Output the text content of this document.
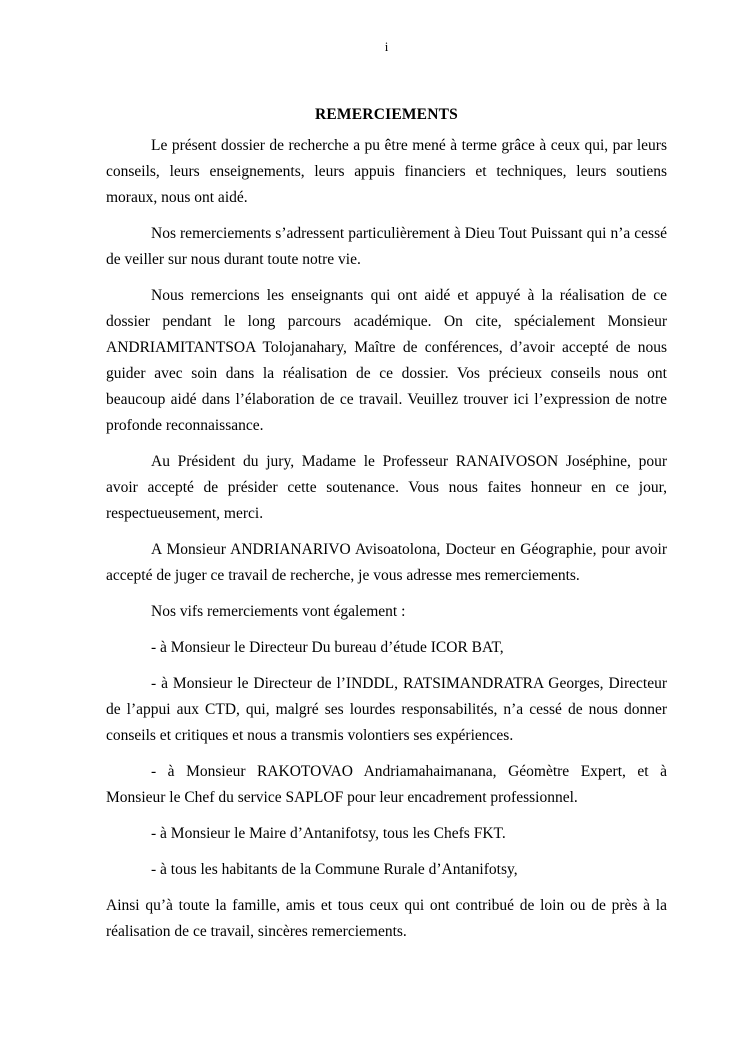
i
REMERCIEMENTS

Le présent dossier de recherche a pu être mené à terme grâce à ceux qui, par leurs conseils, leurs enseignements, leurs appuis financiers et techniques, leurs soutiens moraux, nous ont aidé.

Nos remerciements s’adressent particulièrement à Dieu Tout Puissant qui n’a cessé de veiller sur nous durant toute notre vie.

Nous remercions les enseignants qui ont aidé et appuyé à la réalisation de ce dossier pendant le long parcours académique. On cite, spécialement Monsieur ANDRIAMITANTSOA Tolojanahary, Maître de conférences, d’avoir accepté de nous guider avec soin dans la réalisation de ce dossier. Vos précieux conseils nous ont beaucoup aidé dans l’élaboration de ce travail. Veuillez trouver ici l’expression de notre profonde reconnaissance.

Au Président du jury, Madame le Professeur RANAIVOSON Joséphine, pour avoir accepté de présider cette soutenance. Vous nous faites honneur en ce jour, respectueusement, merci.

A Monsieur ANDRIANARIVO Avisoatolona, Docteur en Géographie, pour avoir accepté de juger ce travail de recherche, je vous adresse mes remerciements.

Nos vifs remerciements vont également :

- à Monsieur le Directeur Du bureau d’étude ICOR BAT,

- à Monsieur le Directeur de l’INDDL, RATSIMANDRATRA Georges, Directeur de l’appui aux CTD, qui, malgré ses lourdes responsabilités, n’a cessé de nous donner conseils et critiques et nous a transmis volontiers ses expériences.

- à Monsieur RAKOTOVAO Andriamahaimanana, Géomètre Expert, et à Monsieur le Chef du service SAPLOF pour leur encadrement professionnel.

- à Monsieur le Maire d’Antanifotsy, tous les Chefs FKT.

- à tous les habitants de la Commune Rurale d’Antanifotsy,

Ainsi qu’à toute la famille, amis et tous ceux qui ont contribué de loin ou de près à la réalisation de ce travail, sincères remerciements.
